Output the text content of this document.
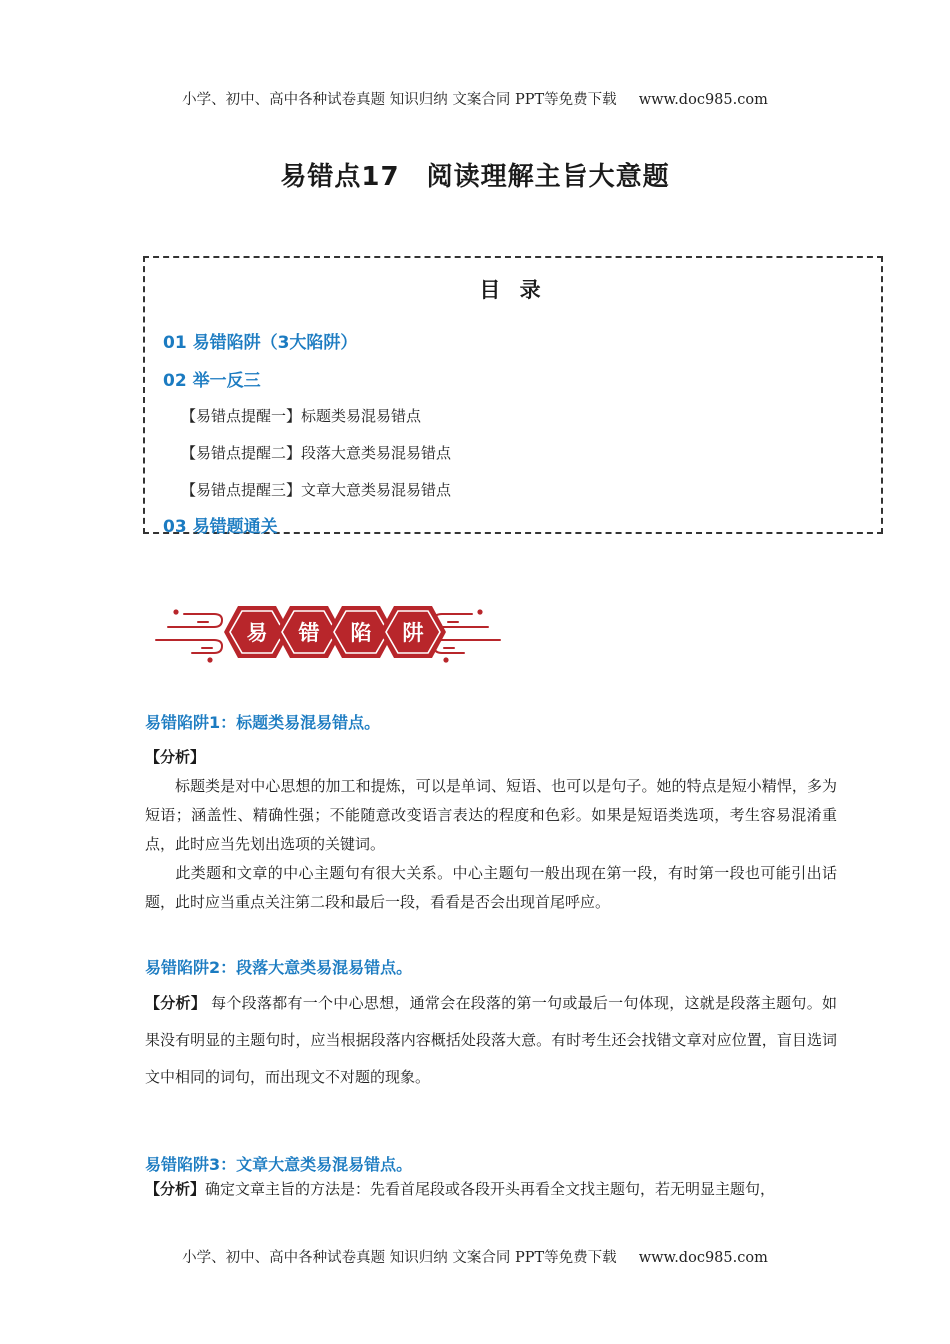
小学、初中、高中各种试卷真题 知识归纳 文案合同 PPT等免费下载 www.doc985.com
易错点17　阅读理解主旨大意题
目 录
01 易错陷阱（3大陷阱）
02 举一反三
【易错点提醒一】标题类易混易错点
【易错点提醒二】段落大意类易混易错点
【易错点提醒三】文章大意类易混易错点
03 易错题通关
易 错 陷 阱
易错陷阱1：标题类易混易错点。
【分析】
标题类是对中心思想的加工和提炼，可以是单词、短语、也可以是句子。她的特点是短小精悍，多为短语；涵盖性、精确性强；不能随意改变语言表达的程度和色彩。如果是短语类选项，考生容易混淆重点，此时应当先划出选项的关键词。
此类题和文章的中心主题句有很大关系。中心主题句一般出现在第一段，有时第一段也可能引出话题，此时应当重点关注第二段和最后一段，看看是否会出现首尾呼应。
易错陷阱2：段落大意类易混易错点。
【分析】 每个段落都有一个中心思想，通常会在段落的第一句或最后一句体现，这就是段落主题句。如果没有明显的主题句时，应当根据段落内容概括处段落大意。有时考生还会找错文章对应位置，盲目选词文中相同的词句，而出现文不对题的现象。
易错陷阱3：文章大意类易混易错点。
【分析】确定文章主旨的方法是：先看首尾段或各段开头再看全文找主题句，若无明显主题句，
小学、初中、高中各种试卷真题 知识归纳 文案合同 PPT等免费下载 www.doc985.com
